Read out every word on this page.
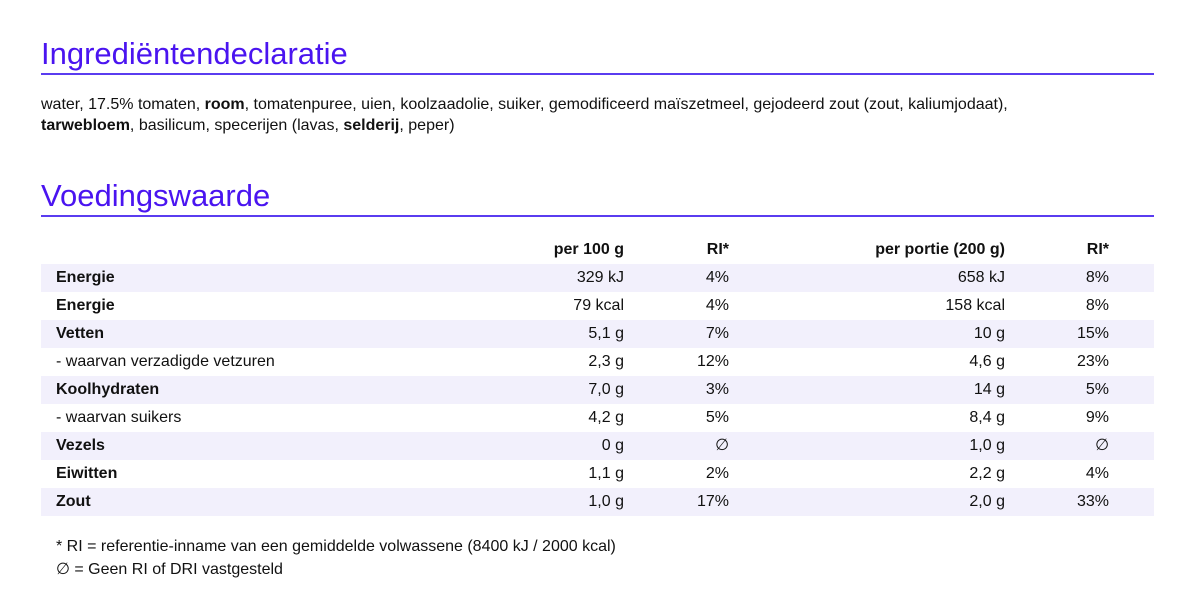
Ingrediëntendeclaratie

water, 17.5% tomaten, room, tomatenpuree, uien, koolzaadolie, suiker, gemodificeerd maïszetmeel, gejodeerd zout (zout, kaliumjodaat), tarwebloem, basilicum, specerijen (lavas, selderij, peper)

Voedingswaarde
	per 100 g	RI*	per portie (200 g)	RI*	
Energie	329 kJ	4%	658 kJ	8%	
Energie	79 kcal	4%	158 kcal	8%	
Vetten	5,1 g	7%	10 g	15%	
- waarvan verzadigde vetzuren	2,3 g	12%	4,6 g	23%	
Koolhydraten	7,0 g	3%	14 g	5%	
- waarvan suikers	4,2 g	5%	8,4 g	9%	
Vezels	0 g	∅	1,0 g	∅	
Eiwitten	1,1 g	2%	2,2 g	4%	
Zout	1,0 g	17%	2,0 g	33%	
* RI = referentie-inname van een gemiddelde volwassene (8400 kJ / 2000 kcal)
∅ = Geen RI of DRI vastgesteld
